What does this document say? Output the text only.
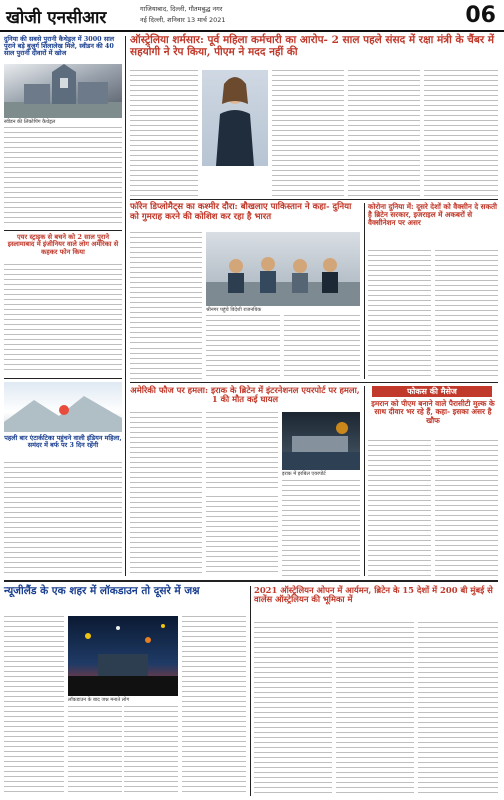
खोजी एनसीआर	गाजियाबाद, दिल्ली, गौतमबुद्ध नगर
नई दिल्ली, शनिवार 13 मार्च 2021	06
दुनिया की सबसे पुरानी कैथेड्रल में 3000 साल पुराने बड़े बुज़ुर्ग शिलालेख मिले, स्वीडन की 40 साल पुरानी दीवारों में खोज
स्वीडन की लिंकोपिंग कैथेड्रल
एयर स्ट्राइक से बचने को 2 साल पुराने इस्लामाबाद में इंजीनियर वाले लोग अमेरिका से कहकर फोन किया
पहली बार एंटार्कटिका पहुंचने वाली इंडियन महिला, समंदर में बर्फ पर 3 दिन रहेंगी
ऑस्ट्रेलिया शर्मसार: पूर्व महिला कर्मचारी का आरोप- 2 साल पहले संसद में रक्षा मंत्री के चैंबर में सहयोगी ने रेप किया, पीएम ने मदद नहीं की
फॉरेन डिप्लोमैट्स का कश्मीर दौरा: बौखलाए पाकिस्तान ने कहा- दुनिया को गुमराह करने की कोशिश कर रहा है भारत
श्रीनगर पहुंचे विदेशी राजनयिक
कोरोना दुनिया में: दूसरे देशों को वैक्सीन दे सकती है ब्रिटेन सरकार, इजराइल में अकबरों से वैक्सीनेशन पर असर
अमेरिकी फौज पर हमला: इराक के ब्रिटेन में इंटरनेशनल एयरपोर्ट पर हमला, 1 की मौत कई घायल
इराक में इरबिल एयरपोर्ट
फोकस की मैसेज
इमरान को पीएम बनाने वाले पैरासीटी मुल्क के साथ दीवार भर रहे हैं, कहा- इसका असर है खौफ
न्यूजीलैंड के एक शहर में लॉकडाउन तो दूसरे में जश्न
लॉकडाउन के बाद जश्न मनाते लोग
2021 ऑस्ट्रेलियन ओपन में आर्यमन, ब्रिटेन के 15 देशों में 200 बी मुंबई से वालेंस ऑस्ट्रेलियन की भूमिका में
